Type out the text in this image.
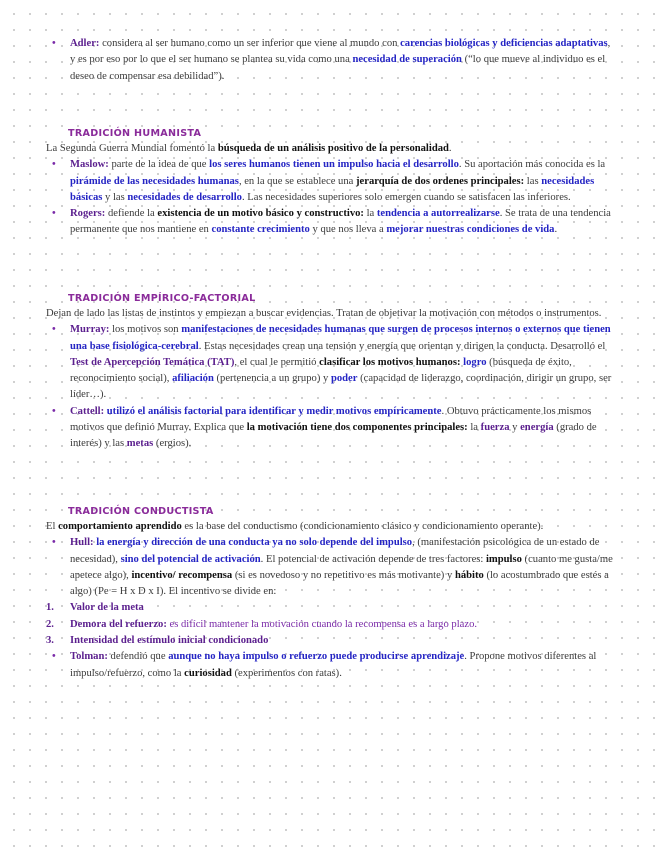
• Adler: considera al ser humano como un ser inferior que viene al mundo con carencias biológicas y deficiencias adaptativas, y es por eso por lo que el ser humano se plantea su vida como una necesidad de superación (“lo que mueve al individuo es el deseo de compensar esa debilidad”).

TRADICIÓN HUMANISTA

La Segunda Guerra Mundial fomentó la búsqueda de un análisis positivo de la personalidad.

• Maslow: parte de la idea de que los seres humanos tienen un impulso hacia el desarrollo. Su aportación más conocida es la pirámide de las necesidades humanas, en la que se establece una jerarquía de dos ordenes principales: las necesidades básicas y las necesidades de desarrollo. Las necesidades superiores solo emergen cuando se satisfacen las inferiores.

• Rogers: defiende la existencia de un motivo básico y constructivo: la tendencia a autorrealizarse. Se trata de una tendencia permanente que nos mantiene en constante crecimiento y que nos lleva a mejorar nuestras condiciones de vida.

TRADICIÓN EMPÍRICO-FACTORIAL

Dejan de lado las listas de instintos y empiezan a buscar evidencias. Tratan de objetivar la motivación con métodos o instrumentos.

• Murray: los motivos son manifestaciones de necesidades humanas que surgen de procesos internos o externos que tienen una base fisiológica-cerebral. Estas necesidades crean una tensión y energía que orientan y dirigen la conducta. Desarrolló el Test de Apercepción Temática (TAT), el cual le permitió clasificar los motivos humanos: logro (búsqueda de éxito, reconocimiento social), afiliación (pertenencia a un grupo) y poder (capacidad de liderazgo, coordinación, dirigir un grupo, ser líder…).

• Cattell: utilizó el análisis factorial para identificar y medir motivos empíricamente. Obtuvo prácticamente los mismos motivos que definió Murray. Explica que la motivación tiene dos componentes principales: la fuerza y energía (grado de interés) y las metas (ergios).

TRADICIÓN CONDUCTISTA

El comportamiento aprendido es la base del conductismo (condicionamiento clásico y condicionamiento operante).

• Hull: la energía y dirección de una conducta ya no solo depende del impulso, (manifestación psicológica de un estado de necesidad), sino del potencial de activación. El potencial de activación depende de tres factores: impulso (cuanto me gusta/me apetece algo), incentivo/ recompensa (si es novedoso y no repetitivo es más motivante) y hábito (lo acostumbrado que estés a algo) (Pe = H x D x I). El incentivo se divide en:

1. Valor de la meta

2. Demora del refuerzo: es difícil mantener la motivación cuando la recompensa es a largo plazo.

3. Intensidad del estímulo inicial condicionado

• Tolman: defendió que aunque no haya impulso o refuerzo puede producirse aprendizaje. Propone motivos diferentes al impulso/refuerzo, como la curiosidad (experimentos con ratas).
